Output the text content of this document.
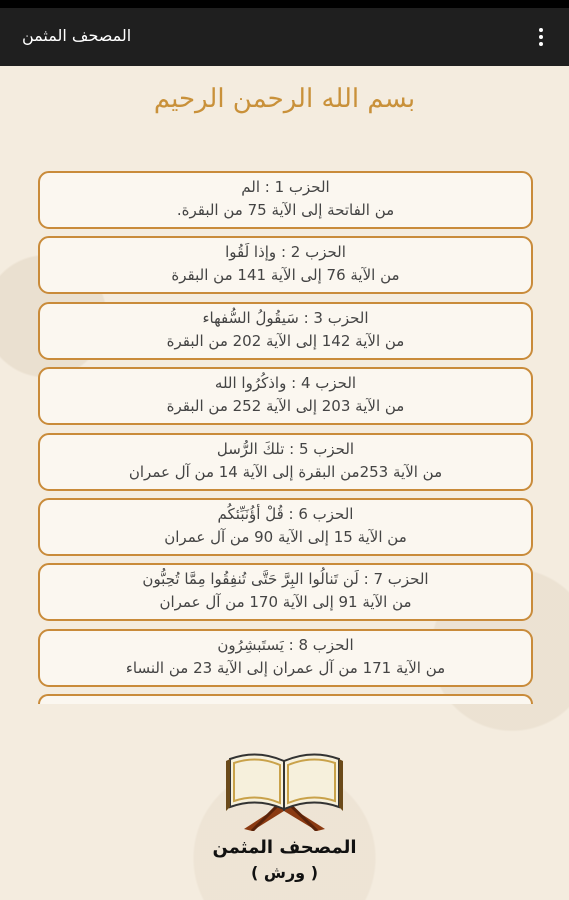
المصحف المثمن
بسم الله الرحمن الرحيم
الحزب 1 : الم
من الفاتحة إلى الآية 75 من البقرة.
الحزب 2 : وإذا لَقُوا
من الآية 76 إلى الآية 141 من البقرة
الحزب 3 : سَيقُولُ السُّفهاء
من الآية 142 إلى الآية 202 من البقرة
الحزب 4 : واذكُرُوا الله
من الآية 203 إلى الآية 252 من البقرة
الحزب 5 : تلكَ الرُّسل
من الآية 253من البقرة إلى الآية 14 من آل عمران
الحزب 6 : قُلْ أؤُنَبِّئكُم
من الآية 15 إلى الآية 90 من آل عمران
الحزب 7 : لَن تَنالُوا البِرَّ حَتَّى تُنفِقُوا مِمَّا تُحِبُّون
من الآية 91 إلى الآية 170 من آل عمران
الحزب 8 : يَستَبشِرُون
من الآية 171 من آل عمران إلى الآية 23 من النساء
المصحف المثمن
( ورش )
